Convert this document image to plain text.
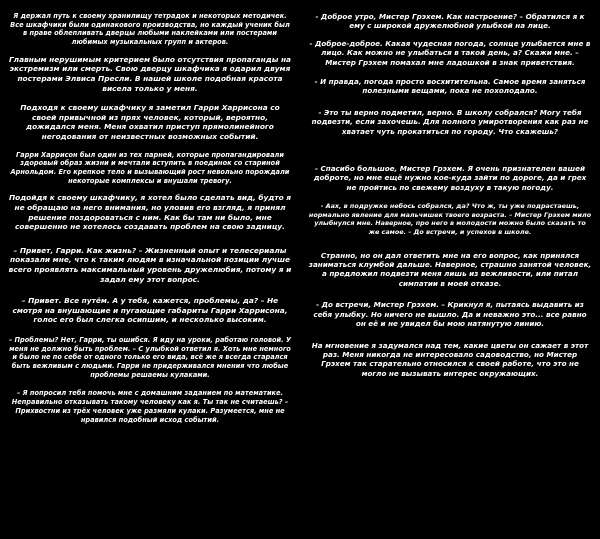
Я держал путь к своему хранилищу тетрадок и некоторых методичек. Все шкафчики были одинакового производства, но каждый ученик был в праве облепливать дверцы любыми наклейками или постерами любимых музыкальных групп и актеров.

Главным нерушимым критерием было отсутствия пропаганды на экстремизм или смерть. Свою дверцу шкафчика я одарил двумя постерами Элвиса Пресли. В нашей школе подобная красота висела только у меня.

Подходя к своему шкафчику я заметил Гарри Харрисона со своей привычной из прях человек, который, вероятно, дожидался меня. Меня охватил приступ прямолинейного негодования от неизвестных возможных событий.

Гарри Харрисон был один из тех парней, которые пропагандировали здоровый образ жизни и мечтали вступить в поединок со стариной Арнольдом. Его крепкое тело и вызывающий рост невольно порождали некоторые комплексы и внушали тревогу.

Подойдя к своему шкафчику, я хотел было сделать вид, будто я не обращаю на него внимания, но уловив его взгляд, я принял решение поздороваться с ним. Как бы там ни было, мне совершенно не хотелось создавать проблем на свою задницу.

– Привет, Гарри. Как жизнь? – Жизненный опыт и телесериалы показали мне, что к таким людям в изначальной позиции лучше всего проявлять максимальный уровень дружелюбия, потому я и задал ему этот вопрос.

– Привет. Все путём. А у тебя, кажется, проблемы, да? – Не смотря на внушающие и пугающие габариты Гарри Харрисона, голос его был слегка осипшим, и несколько высоким.

– Проблемы? Нет, Гарри, ты ошибся. Я иду на уроки, работаю головой. У меня не должно быть проблем. – С улыбкой ответил я. Хоть мне немного и было не по себе от одного только его вида, всё же я всегда старался быть вежливым с людьми. Гарри не придерживался мнения что любые проблемы решаемы кулаками.

– Я попросил тебя помочь мне с домашним заданием по математике. Неправильно отказывать такому человеку как я. Ты так не считаешь? – Прихвостни из трёх человек уже размяли кулаки. Разумеется, мне не нравился подобный исход событий.

- Доброе утро, Мистер Грэхем. Как настроение? – Обратился я к ему с широкой дружелюбной улыбкой на лице.

- Доброе-доброе. Какая чудесная погода, солнце улыбается мне в лицо. Как можно не улыбаться в такой день, а? Скажи мне. – Мистер Грэхем помахал мне ладошкой в знак приветствия.

- И правда, погода просто восхитительна. Самое время заняться полезными вещами, пока не похолодало.

- Это ты верно подметил, верно. В школу собрался? Могу тебя подвезти, если захочешь. Для полного умиротворения как раз не хватает чуть прокатиться по городу. Что скажешь?

- Спасибо большое, Мистер Грэхем. Я очень признателен вашей доброте, но мне ещё нужно кое-куда зайти по дороге, да и грех не пройтись по свежему воздуху в такую погоду.

- Аах, в подружке небось собрался, да? Что ж, ты уже подрастаешь, нормально явление для мальчишек твоего возраста. – Мистер Грэхем мило улыбнулся мне. Наверное, про него в молодости можно было сказать то же самое. – До встречи, и успехов в школе.

Странно, но он дал ответить мне на его вопрос, как принялся заниматься клумбой дальше. Наверное, страшно занятой человек, а предложил подвезти меня лишь из вежливости, или питал симпатии в моей отказе.

- До встречи, Мистер Грэхем. – Крикнул я, пытаясь выдавить из себя улыбку. Но ничего не вышло. Да и неважно это... все равно он её и не увидел бы мою натянутую линию.

На мгновение я задумался над тем, какие цветы он сажает в этот раз. Меня никогда не интересовало садоводство, но Мистер Грэхем так старательно относился к своей работе, что это не могло не вызывать интерес окружающих.
